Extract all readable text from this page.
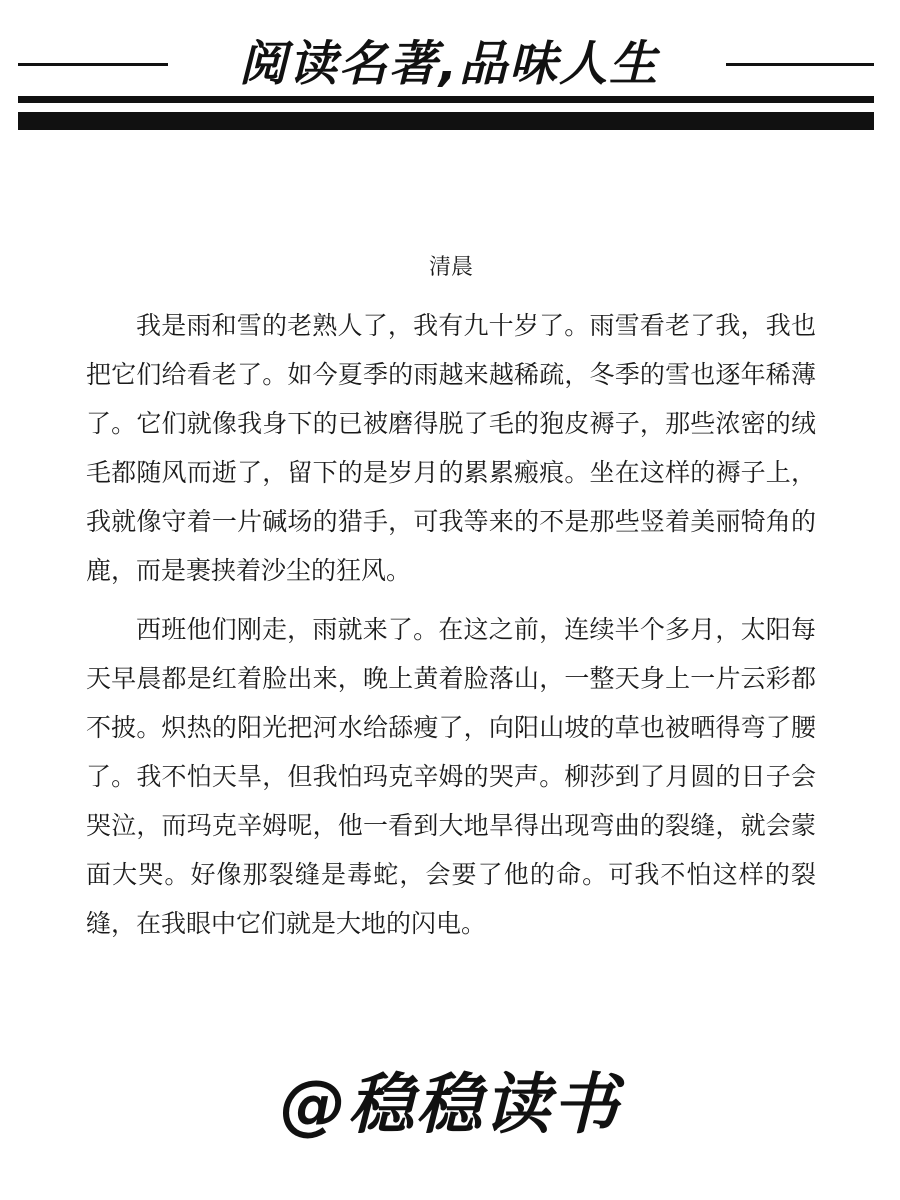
阅读名著,品味人生
清晨

我是雨和雪的老熟人了，我有九十岁了。雨雪看老了我，我也把它们给看老了。如今夏季的雨越来越稀疏，冬季的雪也逐年稀薄了。它们就像我身下的已被磨得脱了毛的狍皮褥子，那些浓密的绒毛都随风而逝了，留下的是岁月的累累瘢痕。坐在这样的褥子上，我就像守着一片碱场的猎手，可我等来的不是那些竖着美丽犄角的鹿，而是裹挟着沙尘的狂风。

西班他们刚走，雨就来了。在这之前，连续半个多月，太阳每天早晨都是红着脸出来，晚上黄着脸落山，一整天身上一片云彩都不披。炽热的阳光把河水给舔瘦了，向阳山坡的草也被晒得弯了腰了。我不怕天旱，但我怕玛克辛姆的哭声。柳莎到了月圆的日子会哭泣，而玛克辛姆呢，他一看到大地旱得出现弯曲的裂缝，就会蒙面大哭。好像那裂缝是毒蛇，会要了他的命。可我不怕这样的裂缝，在我眼中它们就是大地的闪电。

@稳稳读书
